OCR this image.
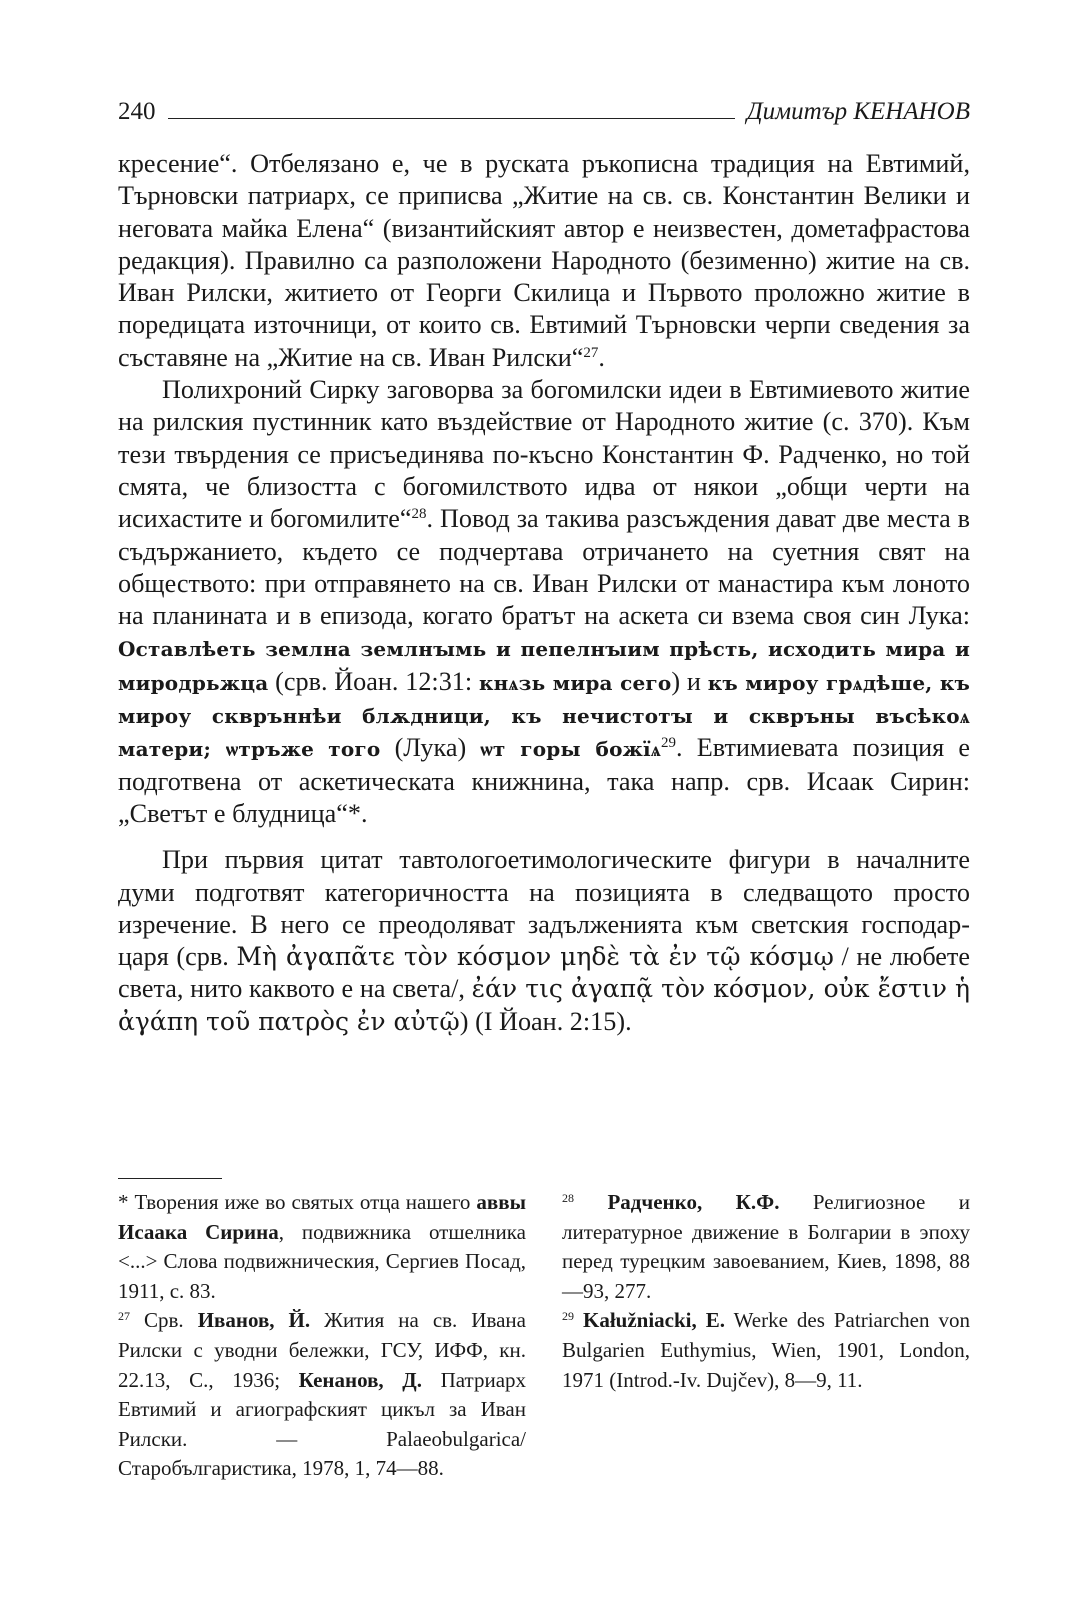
240	Димитър КЕНАНОВ

кресение“. Отбелязано е, че в руската ръкописна традиция на Евтимий, Търновски патриарх, се приписва „Житие на св. св. Константин Велики и неговата майка Елена“ (византийският автор е неизвестен, дометафрастова редакция). Правилно са разположени Народното (безименно) житие на св. Иван Рилски, житието от Георги Скилица и Първото проложно житие в поредицата източници, от които св. Евтимий Търновски черпи сведения за съставяне на „Житие на св. Иван Рилски“$^{27}$.

Полихроний Сирку заговорва за богомилски идеи в Евтимиевото житие на рилския пустинник като въздействие от Народното житие (с. 370). Към тези твърдения се присъединява по-късно Константин Ф. Радченко, но той смята, че близостта с богомилството идва от някои „общи черти на исихастите и богомилите“$^{28}$. Повод за такива разсъждения дават две места в съдържанието, където се подчертава отричането на суетния свят на обществото: при отправянето на св. Иван Рилски от манастира към лоното на планината и в епизода, когато братът на аскета си взема своя син Лука: Оставлѣеть землна землнꙑмь и пепелнꙑим прѣсть, исходить мира и миродрьжца (срв. Йоан. 12:31: кнѧзь мира сего) и къ мироу грѧдѣше, къ мироу сквръннѣи блѫдници, къ нечистотꙑ и сквръны въсѣкоѧ матери; ѡтръже того (Лука) ѡт горы божїѧ$^{29}$. Евтимиевата позиция е подготвена от аскетическата книжнина, така напр. срв. Исаак Сирин: „Светът е блудница“*.

При първия цитат тавтологоетимологическите фигури в началните думи подготвят категоричността на позицията в следващото просто изречение. В него се преодоляват задълженията към светския господар-царя (срв. Μὴ ἀγαπᾶτε τὸν κόσμον μηδὲ τὰ ἐν τῷ κόσμῳ / не любете света, нито каквото е на света/, ἐάν τις ἀγαπᾷ τὸν κόσμον, οὐκ ἔστιν ἡ ἀγάπη τοῦ πατρὸς ἐν αὐτῷ) (I Йоан. 2:15).

* Творения иже во святых отца нашего аввы Исаака Сирина, подвижника отшелника <...> Слова подвижническия, Сергиев Посад, 1911, с. 83.

$^{27}$ Срв. Иванов, Й. Жития на св. Ивана Рилски с уводни бележки, ГСУ, ИФФ, кн. 22.13, С., 1936; Кенанов, Д. Патриарх Евтимий и агиографският цикъл за Иван Рилски. — Palaeobulgarica/Старобългаристика, 1978, 1, 74—88.

$^{28}$ Радченко, К.Ф. Религиозное и литературное движение в Болгарии в эпоху перед турецким завоеванием, Киев, 1898, 88—93, 277.

$^{29}$ Kałužniacki, E. Werke des Patriarchen von Bulgarien Euthymius, Wien, 1901, London, 1971 (Introd.-Iv. Dujčev), 8—9, 11.
